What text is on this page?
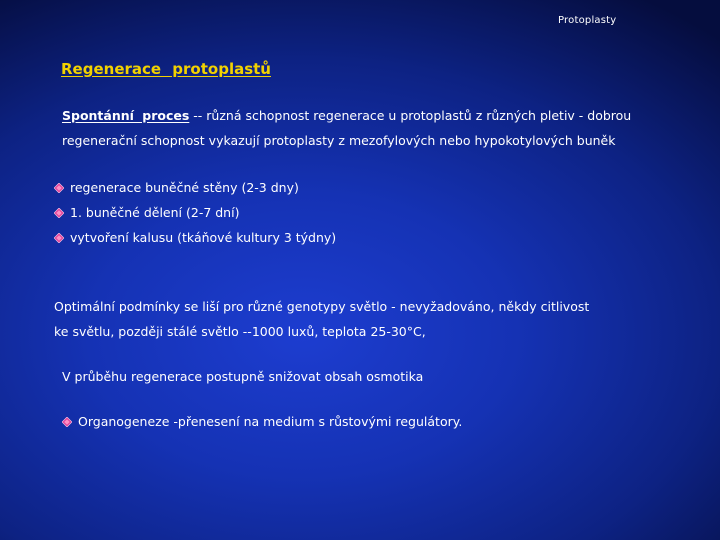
Protoplasty
Regenerace protoplastů
Spontánní proces -- různá schopnost regenerace u protoplastů z různých pletiv - dobrou
regenerační schopnost vykazují protoplasty z mezofylových nebo hypokotylových buněk
regenerace buněčné stěny (2-3 dny)
1. buněčné dělení (2-7 dní)
vytvoření kalusu (tkáňové kultury 3 týdny)
Optimální podmínky se liší pro různé genotypy světlo - nevyžadováno, někdy citlivost
ke světlu, později stálé světlo --1000 luxů, teplota 25-30°C,
V průběhu regenerace postupně snižovat obsah osmotika
Organogeneze -přenesení na medium s růstovými regulátory.
